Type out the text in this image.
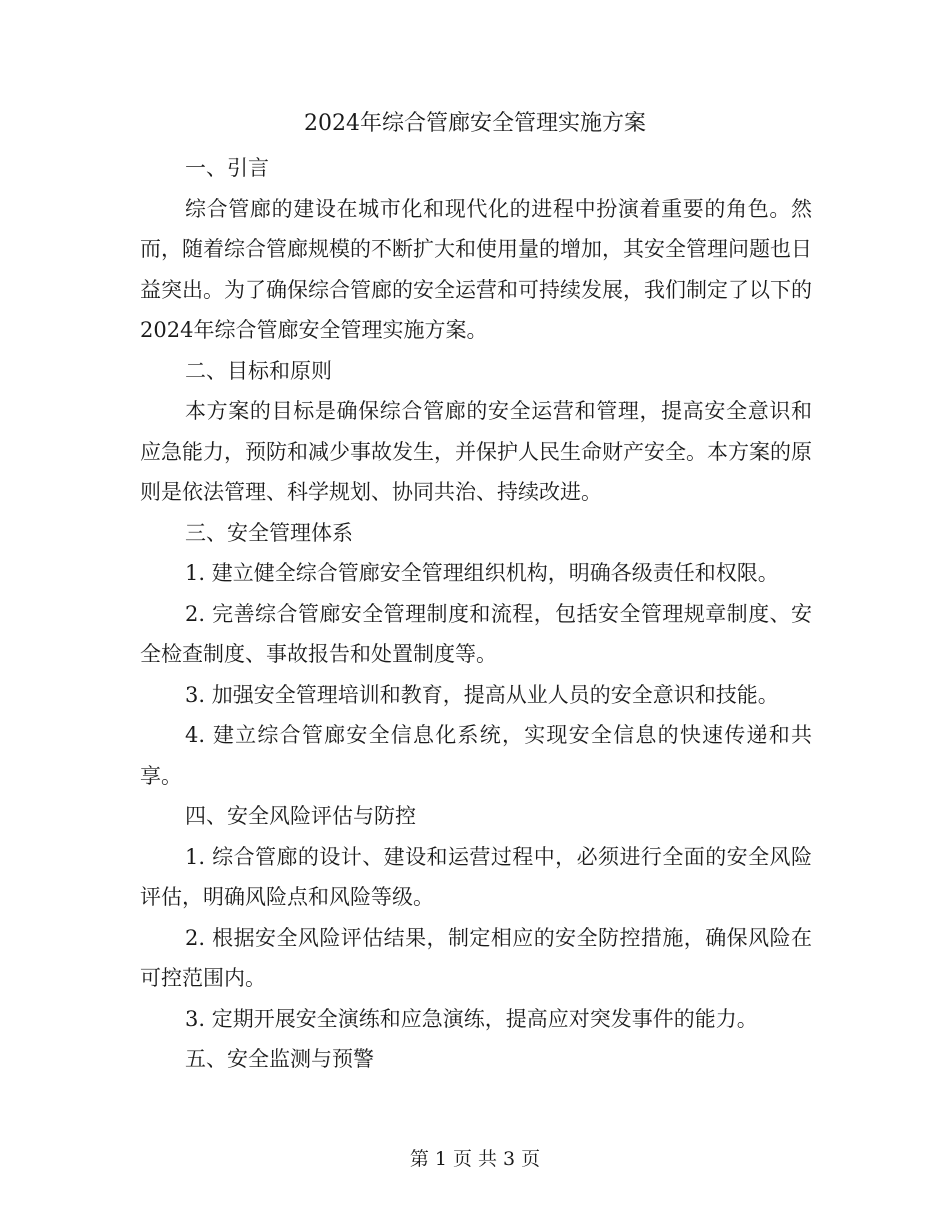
2024年综合管廊安全管理实施方案

一、引言

综合管廊的建设在城市化和现代化的进程中扮演着重要的角色。然而，随着综合管廊规模的不断扩大和使用量的增加，其安全管理问题也日益突出。为了确保综合管廊的安全运营和可持续发展，我们制定了以下的2024年综合管廊安全管理实施方案。

二、目标和原则

本方案的目标是确保综合管廊的安全运营和管理，提高安全意识和应急能力，预防和减少事故发生，并保护人民生命财产安全。本方案的原则是依法管理、科学规划、协同共治、持续改进。

三、安全管理体系

1. 建立健全综合管廊安全管理组织机构，明确各级责任和权限。

2. 完善综合管廊安全管理制度和流程，包括安全管理规章制度、安全检查制度、事故报告和处置制度等。

3. 加强安全管理培训和教育，提高从业人员的安全意识和技能。

4. 建立综合管廊安全信息化系统，实现安全信息的快速传递和共享。

四、安全风险评估与防控

1. 综合管廊的设计、建设和运营过程中，必须进行全面的安全风险评估，明确风险点和风险等级。

2. 根据安全风险评估结果，制定相应的安全防控措施，确保风险在可控范围内。

3. 定期开展安全演练和应急演练，提高应对突发事件的能力。

五、安全监测与预警

第 1 页 共 3 页
